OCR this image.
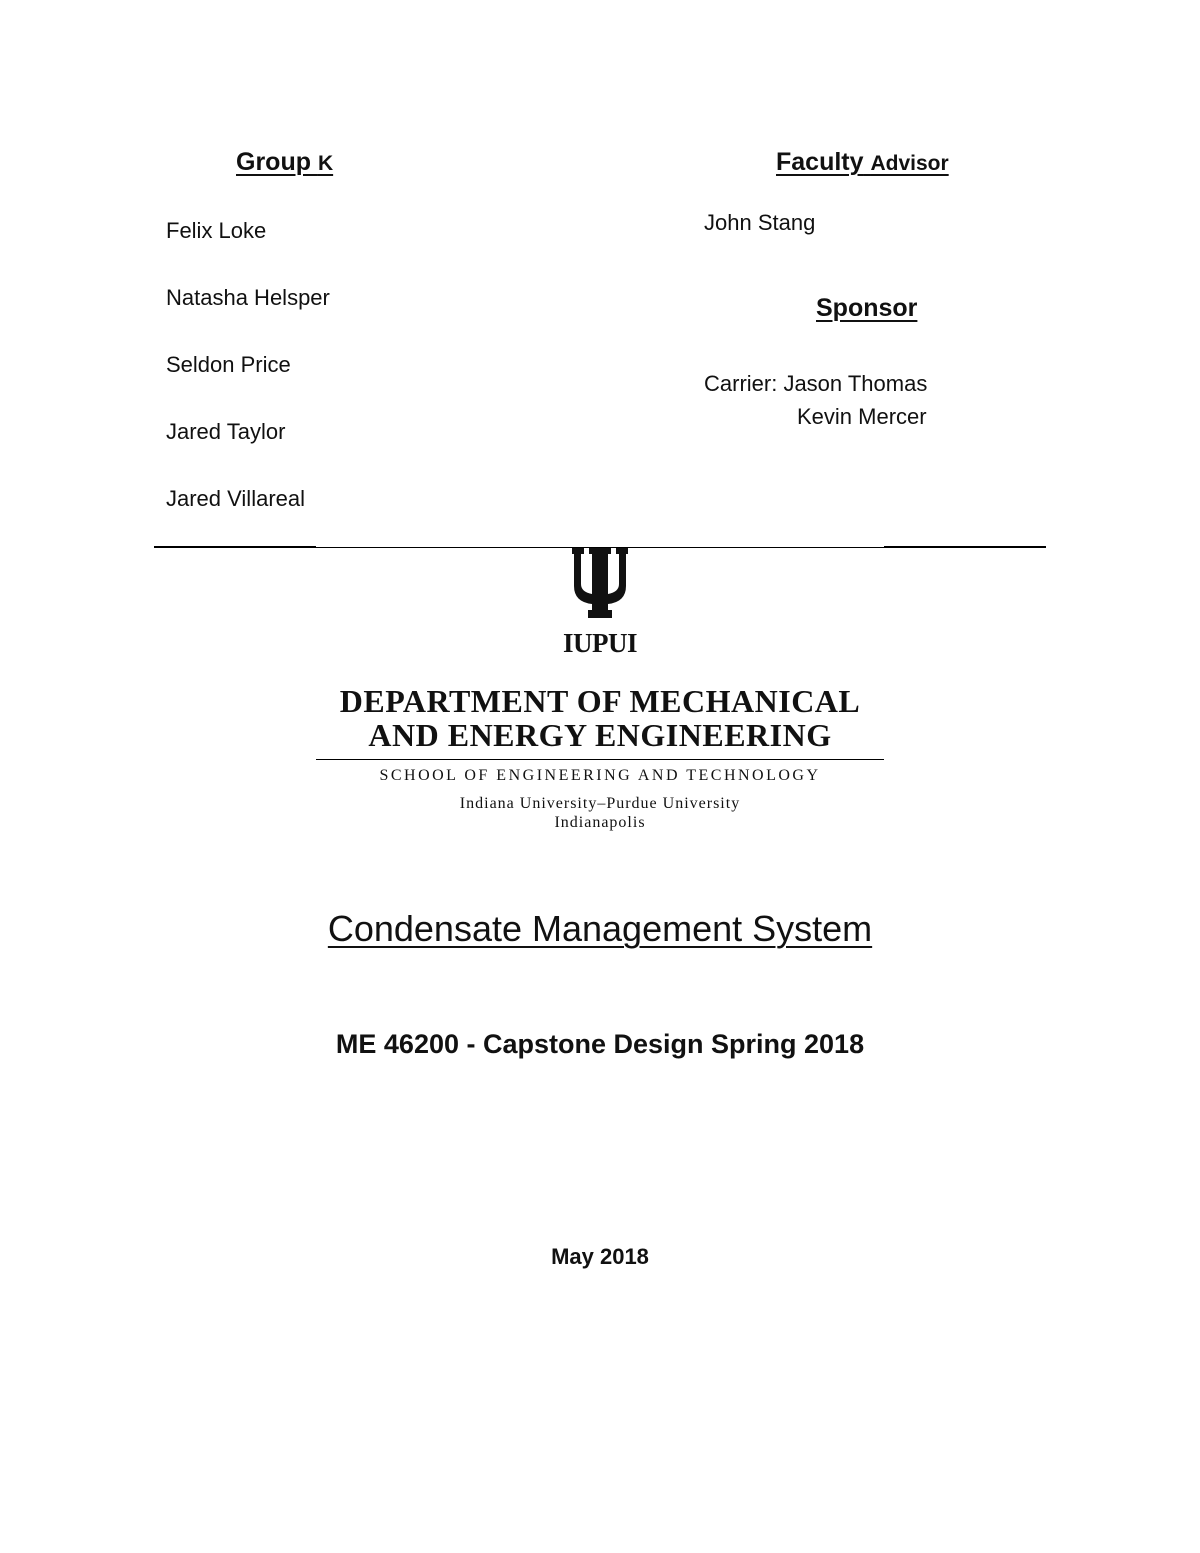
Group K
Felix Loke
Natasha Helsper
Seldon Price
Jared Taylor
Jared Villareal
Faculty Advisor
John Stang
Sponsor
Carrier: Jason Thomas
Kevin Mercer
IUPUI
DEPARTMENT OF MECHANICAL
AND ENERGY ENGINEERING
SCHOOL OF ENGINEERING AND TECHNOLOGY
Indiana University–Purdue University
Indianapolis
Condensate Management System
ME 46200 - Capstone Design Spring 2018
May 2018
